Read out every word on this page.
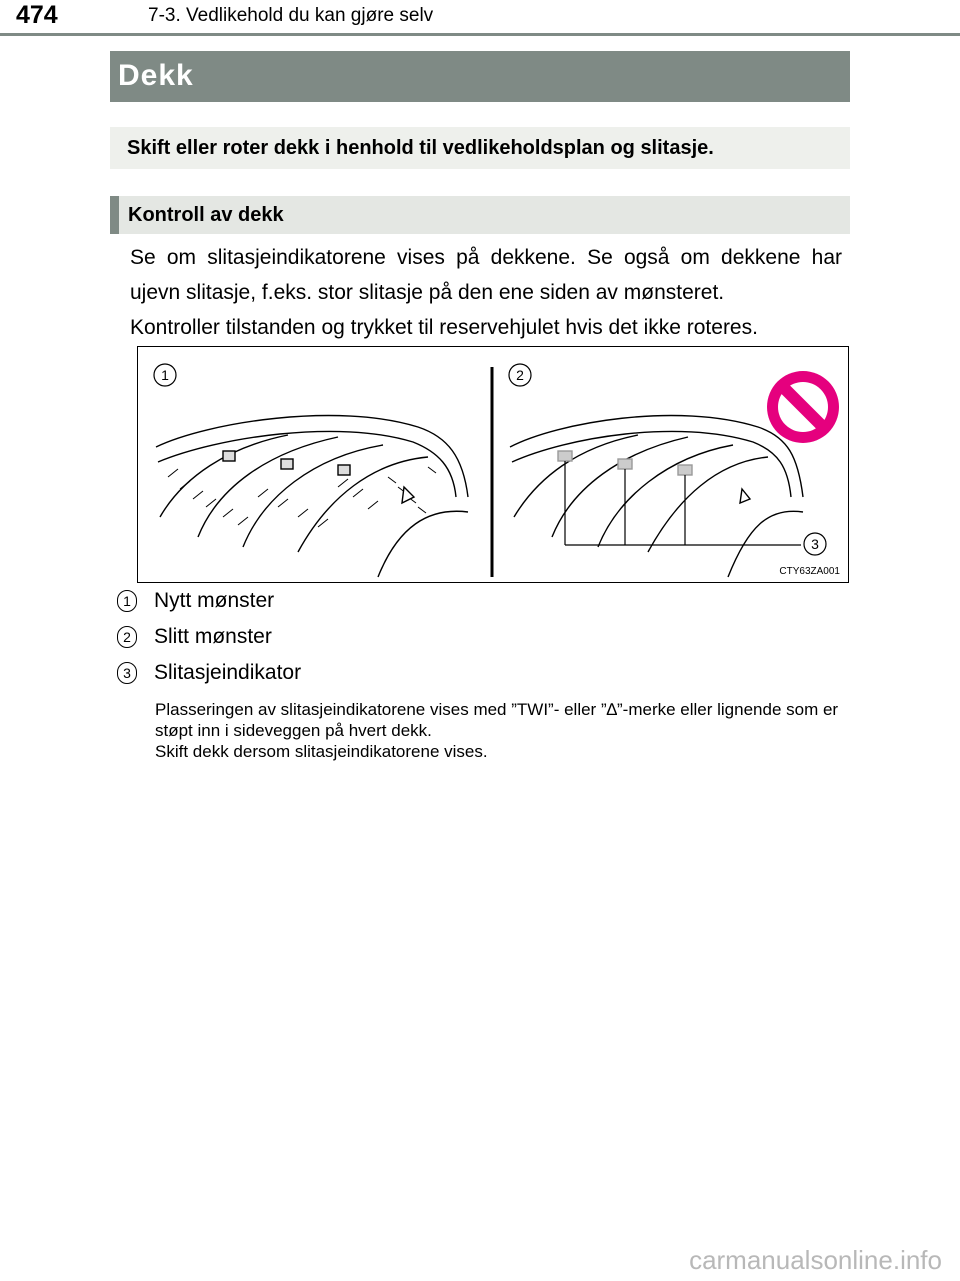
474	7-3. Vedlikehold du kan gjøre selv
Dekk
Skift eller roter dekk i henhold til vedlikeholdsplan og slitasje.
Kontroll av dekk

Se om slitasjeindikatorene vises på dekkene. Se også om dekkene har ujevn slitasje, f.eks. stor slitasje på den ene siden av mønsteret.

Kontroller tilstanden og trykket til reservehjulet hvis det ikke roteres.

1	2
3
CTY63ZA001
1 Nytt mønster
2 Slitt mønster
3 Slitasjeindikator

Plasseringen av slitasjeindikatorene vises med ”TWI”- eller ”∆”-merke eller lignende som er støpt inn i sideveggen på hvert dekk.

Skift dekk dersom slitasjeindikatorene vises.

carmanualsonline.info
